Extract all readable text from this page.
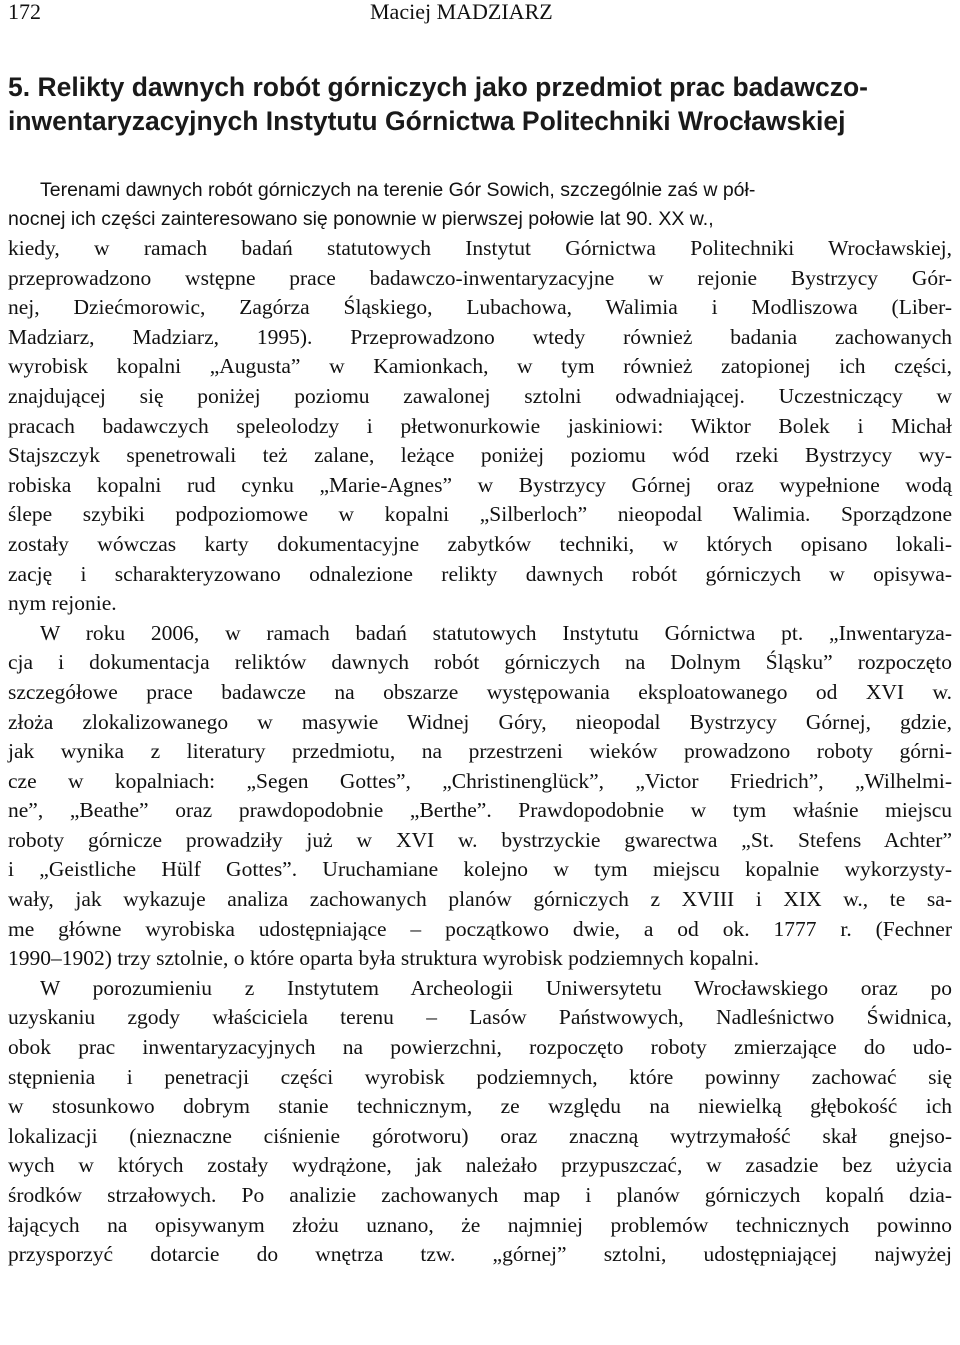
172	Maciej MADZIARZ
5. Relikty dawnych robót górniczych jako przedmiot prac badawczo-
inwentaryzacyjnych Instytutu Górnictwa Politechniki Wrocławskiej

Terenami dawnych robót górniczych na terenie Gór Sowich, szczególnie zaś w pół-
nocnej ich części zainteresowano się ponownie w pierwszej połowie lat 90. XX w.,

kiedy, w ramach badań statutowych Instytut Górnictwa Politechniki Wrocławskiej,
przeprowadzono wstępne prace badawczo-inwentaryzacyjne w rejonie Bystrzycy Gór-
nej, Dziećmorowic, Zagórza Śląskiego, Lubachowa, Walimia i Modliszowa (Liber-
Madziarz, Madziarz, 1995). Przeprowadzono wtedy również badania zachowanych
wyrobisk kopalni „Augusta” w Kamionkach, w tym również zatopionej ich części,
znajdującej się poniżej poziomu zawalonej sztolni odwadniającej. Uczestniczący w
pracach badawczych speleolodzy i płetwonurkowie jaskiniowi: Wiktor Bolek i Michał
Stajszczyk spenetrowali też zalane, leżące poniżej poziomu wód rzeki Bystrzycy wy-
robiska kopalni rud cynku „Marie-Agnes” w Bystrzycy Górnej oraz wypełnione wodą
ślepe szybiki podpoziomowe w kopalni „Silberloch” nieopodal Walimia. Sporządzone
zostały wówczas karty dokumentacyjne zabytków techniki, w których opisano lokali-
zację i scharakteryzowano odnalezione relikty dawnych robót górniczych w opisywa-
nym rejonie.
W roku 2006, w ramach badań statutowych Instytutu Górnictwa pt. „Inwentaryza-
cja i dokumentacja reliktów dawnych robót górniczych na Dolnym Śląsku” rozpoczęto
szczegółowe prace badawcze na obszarze występowania eksploatowanego od XVI w.
złoża zlokalizowanego w masywie Widnej Góry, nieopodal Bystrzycy Górnej, gdzie,
jak wynika z literatury przedmiotu, na przestrzeni wieków prowadzono roboty górni-
cze w kopalniach: „Segen Gottes”, „Christinenglück”, „Victor Friedrich”, „Wilhelmi-
ne”, „Beathe” oraz prawdopodobnie „Berthe”. Prawdopodobnie w tym właśnie miejscu
roboty górnicze prowadziły już w XVI w. bystrzyckie gwarectwa „St. Stefens Achter”
i „Geistliche Hülf Gottes”. Uruchamiane kolejno w tym miejscu kopalnie wykorzysty-
wały, jak wykazuje analiza zachowanych planów górniczych z XVIII i XIX w., te sa-
me główne wyrobiska udostępniające – początkowo dwie, a od ok. 1777 r. (Fechner
1990–1902) trzy sztolnie, o które oparta była struktura wyrobisk podziemnych kopalni.
W porozumieniu z Instytutem Archeologii Uniwersytetu Wrocławskiego oraz po
uzyskaniu zgody właściciela terenu – Lasów Państwowych, Nadleśnictwo Świdnica,
obok prac inwentaryzacyjnych na powierzchni, rozpoczęto roboty zmierzające do udo-
stępnienia i penetracji części wyrobisk podziemnych, które powinny zachować się
w stosunkowo dobrym stanie technicznym, ze względu na niewielką głębokość ich
lokalizacji (nieznaczne ciśnienie górotworu) oraz znaczną wytrzymałość skał gnejso-
wych w których zostały wydrążone, jak należało przypuszczać, w zasadzie bez użycia
środków strzałowych. Po analizie zachowanych map i planów górniczych kopalń dzia-
łających na opisywanym złożu uznano, że najmniej problemów technicznych powinno
przysporzyć dotarcie do wnętrza tzw. „górnej” sztolni, udostępniającej najwyżej
